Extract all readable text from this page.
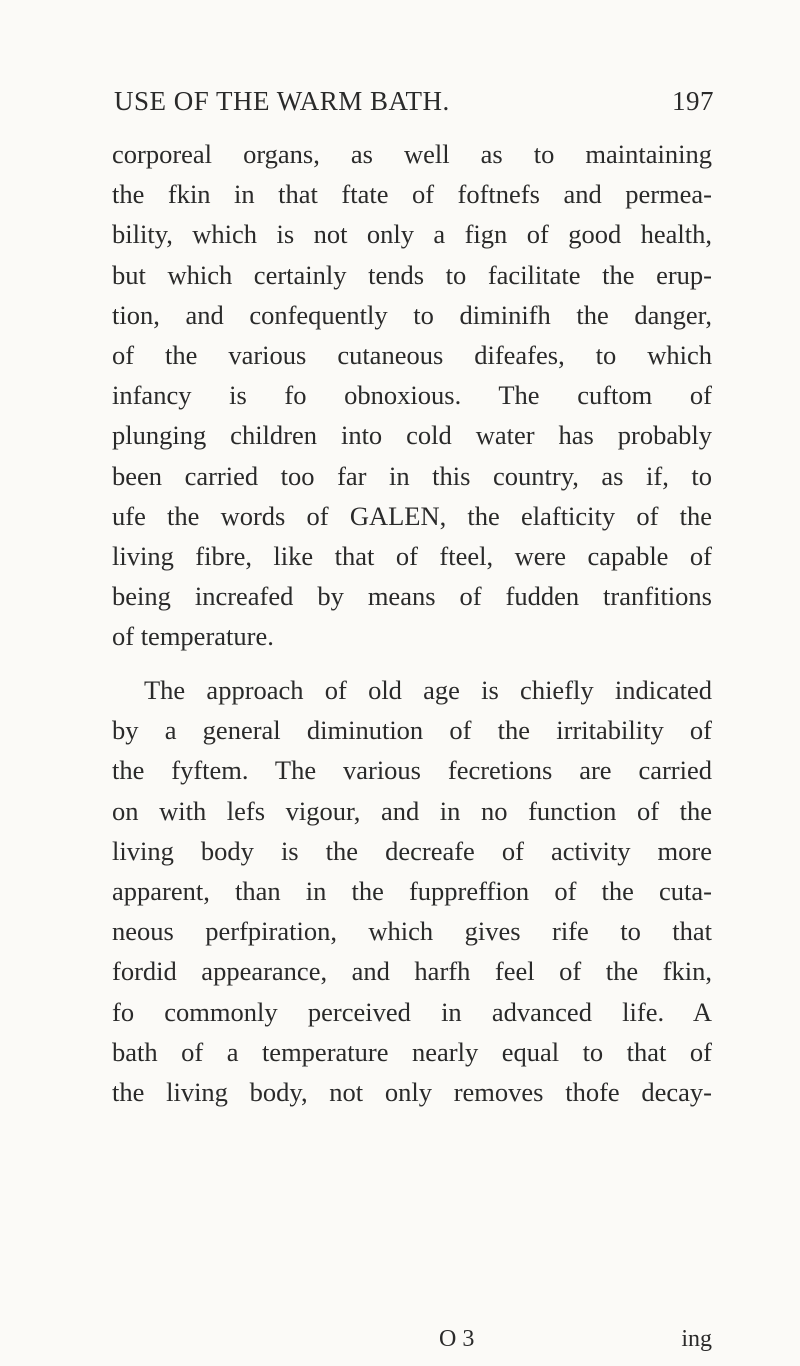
USE OF THE WARM BATH.	197
corporeal organs, as well as to maintaining
the fkin in that ftate of foftnefs and permea-
bility, which is not only a fign of good health,
but which certainly tends to facilitate the erup-
tion, and confequently to diminifh the danger,
of the various cutaneous difeafes, to which
infancy is fo obnoxious. The cuftom of
plunging children into cold water has probably
been carried too far in this country, as if, to
ufe the words of GALEN, the elafticity of the
living fibre, like that of fteel, were capable of
being increafed by means of fudden tranfitions
of temperature.
The approach of old age is chiefly indicated
by a general diminution of the irritability of
the fyftem. The various fecretions are carried
on with lefs vigour, and in no function of the
living body is the decreafe of activity more
apparent, than in the fuppreffion of the cuta-
neous perfpiration, which gives rife to that
fordid appearance, and harfh feel of the fkin,
fo commonly perceived in advanced life. A
bath of a temperature nearly equal to that of
the living body, not only removes thofe decay-
O 3	ing
